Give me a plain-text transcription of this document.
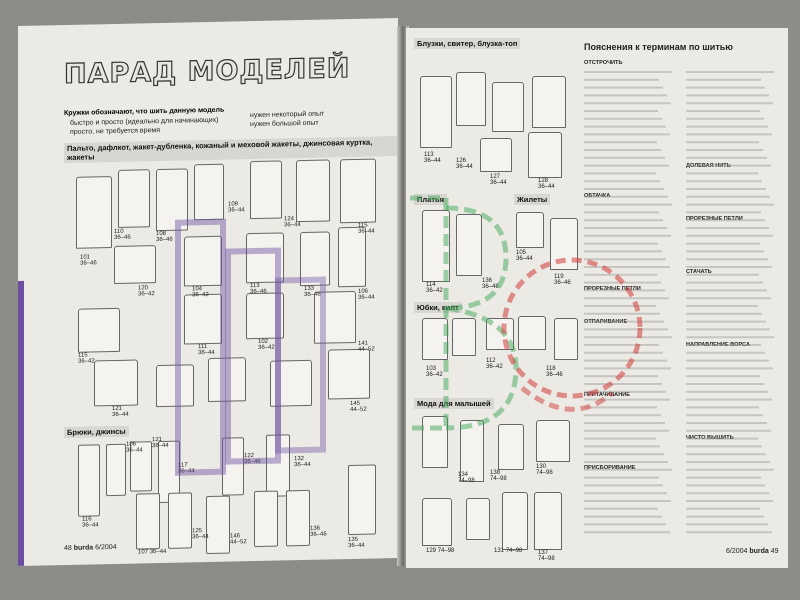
ПАРАД МОДЕЛЕЙ
Кружки обозначают, что шить данную модель
быстро и просто (идеально для начинающих)
просто, не требуется время
нужен некоторый опыт
нужен большой опыт
Пальто, дафлкот, жакет-дубленка, кожаный и меховой жакеты, джинсовая куртка, жакеты
110
36–46
108
36–46
109
36–44
101
36–46
124
36–44	115
36–44
115
36–42
120
36–42
104
36–42
113
36–46	133
36–46	106
36–44
111
36–44
102
36–42
141
44–52
121
36–44
145
44–52
Брюки, джинсы
116
36–44
106
36–44
121
36–44
117
36–44
122
36–46	132
36–44
107 36–44
125
36–44	146
44–52
136
36–46
135
36–44
48 burda 6/2004
Блузки, свитер, блузка-топ
113
36–44	126
36–44
127
36–44	128
36–44
Платья	Жилеты
114
36–42
136
36–46
105
36–44
119
36–46
Юбки, килт
103
36–42
112
36–42	118
36–46
Мода для малышей
134
74–98
138
74–98
130
74–98
129 74–98	131 74–98	137
74–98
Пояснения к терминам по шитью

ОТСТРОЧИТЬ

ОБТАЧКА

ПРОРЕЗНЫЕ ПЕТЛИ

ОТПАРИВАНИЕ

ПРИТАЧИВАНИЕ

ПРИСБОРИВАНИЕ

ДОЛЕВАЯ НИТЬ

ПРОРЕЗНЫЕ ПЕТЛИ

СТАЧАТЬ

НАПРАВЛЕНИЕ ВОРСА

ЧИСТО ВЫШИТЬ

6/2004 burda 49
